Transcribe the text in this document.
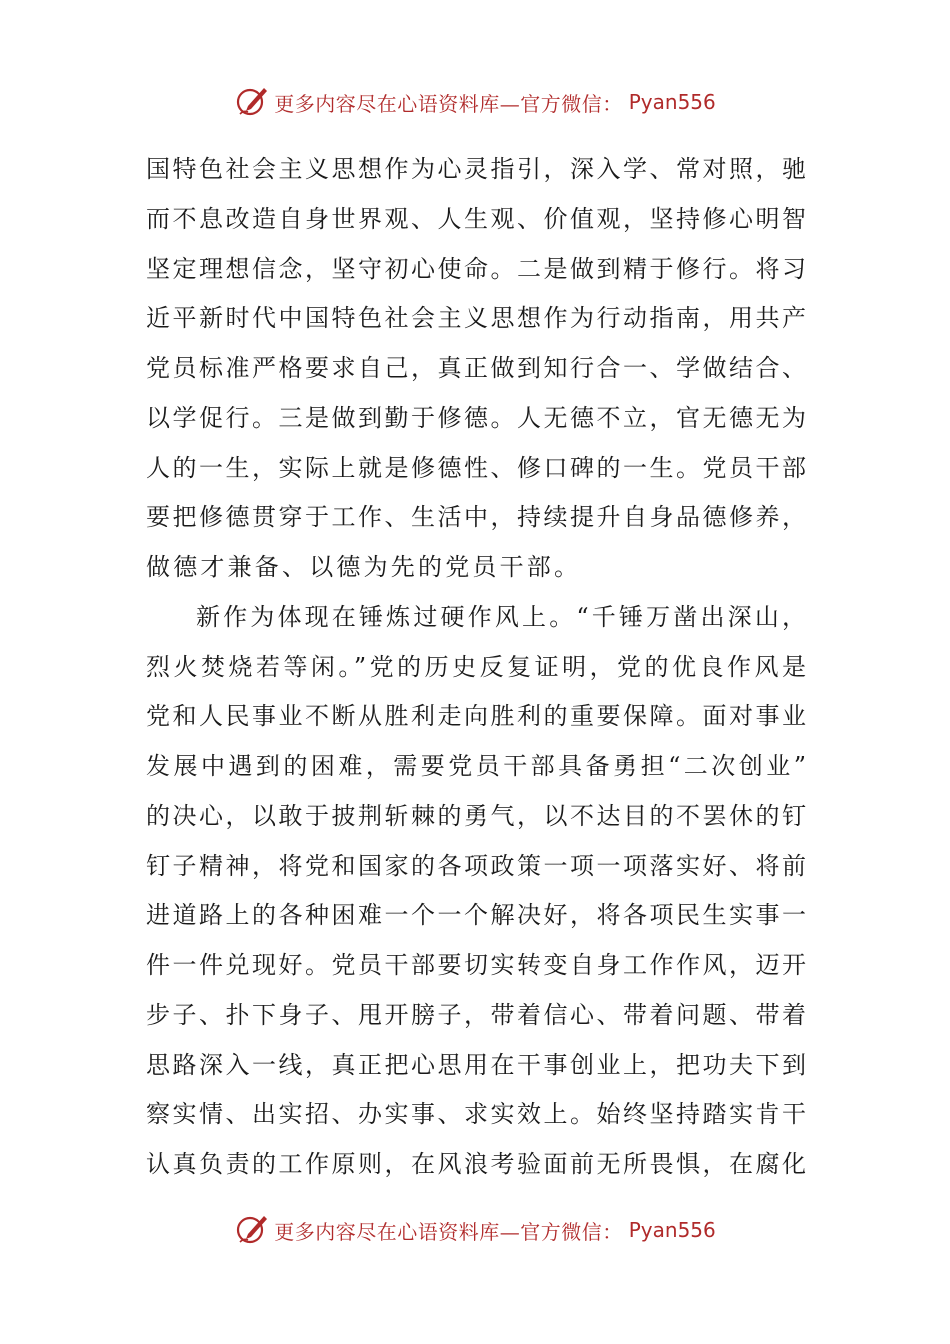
更多内容尽在心语资料库—官方微信： Pyan556
国特色社会主义思想作为心灵指引，深入学、常对照，驰
而不息改造自身世界观、人生观、价值观，坚持修心明智
坚定理想信念，坚守初心使命。二是做到精于修行。将习
近平新时代中国特色社会主义思想作为行动指南，用共产
党员标准严格要求自己，真正做到知行合一、学做结合、
以学促行。三是做到勤于修德。人无德不立，官无德无为
人的一生，实际上就是修德性、修口碑的一生。党员干部
要把修德贯穿于工作、生活中，持续提升自身品德修养，
做德才兼备、以德为先的党员干部。
新作为体现在锤炼过硬作风上。“千锤万凿出深山，
烈火焚烧若等闲。”党的历史反复证明，党的优良作风是
党和人民事业不断从胜利走向胜利的重要保障。面对事业
发展中遇到的困难，需要党员干部具备勇担“二次创业”
的决心，以敢于披荆斩棘的勇气，以不达目的不罢休的钉
钉子精神，将党和国家的各项政策一项一项落实好、将前
进道路上的各种困难一个一个解决好，将各项民生实事一
件一件兑现好。党员干部要切实转变自身工作作风，迈开
步子、扑下身子、甩开膀子，带着信心、带着问题、带着
思路深入一线，真正把心思用在干事创业上，把功夫下到
察实情、出实招、办实事、求实效上。始终坚持踏实肯干
认真负责的工作原则，在风浪考验面前无所畏惧，在腐化
更多内容尽在心语资料库—官方微信： Pyan556
